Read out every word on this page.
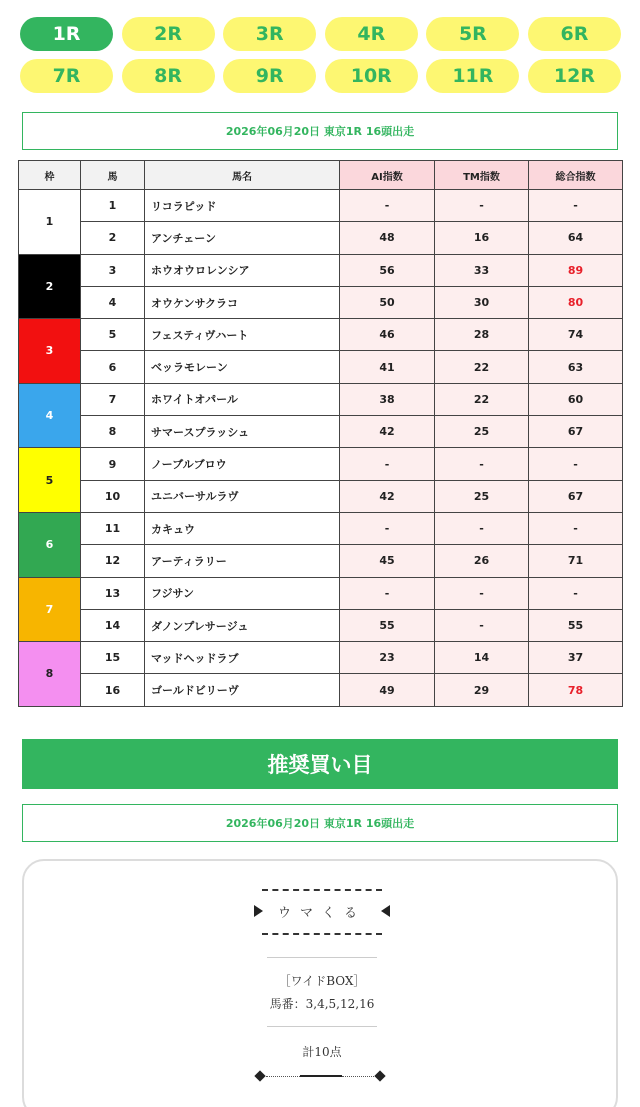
1R	2R	3R	4R	5R	6R
7R	8R	9R	10R	11R	12R
2026年06月20日 東京1R 16頭出走
枠	馬	馬名	AI指数	TM指数	総合指数
1	1	リコラピッド	-	-	-
	2	アンチェーン	48	16	64
2	3	ホウオウロレンシア	56	33	89
	4	オウケンサクラコ	50	30	80
3	5	フェスティヴハート	46	28	74
	6	ベッラモレーン	41	22	63
4	7	ホワイトオパール	38	22	60
	8	サマースプラッシュ	42	25	67
5	9	ノーブルブロウ	-	-	-
	10	ユニバーサルラヴ	42	25	67
6	11	カキュウ	-	-	-
	12	アーティラリー	45	26	71
7	13	フジサン	-	-	-
	14	ダノンプレサージュ	55	-	55
8	15	マッドヘッドラブ	23	14	37
	16	ゴールドビリーヴ	49	29	78
推奨買い目
2026年06月20日 東京1R 16頭出走
ウマくる
［ワイドBOX］
馬番：3,4,5,12,16
計10点
